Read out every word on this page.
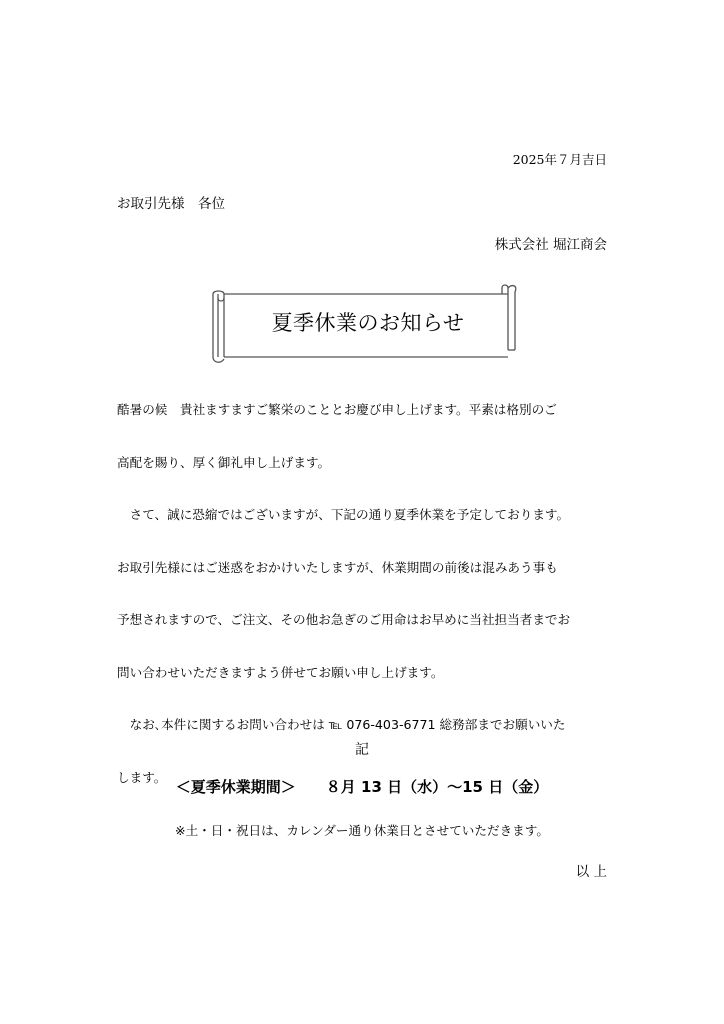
2025年７月吉日
お取引先様　各位
株式会社 堀江商会
夏季休業のお知らせ
酷暑の候　貴社ますますご繁栄のこととお慶び申し上げます。平素は格別のご
高配を賜り、厚く御礼申し上げます。
　さて、誠に恐縮ではございますが、下記の通り夏季休業を予定しております。
お取引先様にはご迷惑をおかけいたしますが、休業期間の前後は混みあう事も
予想されますので、ご注文、その他お急ぎのご用命はお早めに当社担当者までお
問い合わせいただきますよう併せてお願い申し上げます。
　なお､本件に関するお問い合わせは ℡ 076-403-6771 総務部までお願いいた
します。
記
＜夏季休業期間＞ ８月 13 日（水）～15 日（金）
※土・日・祝日は、カレンダー通り休業日とさせていただきます。
以 上
